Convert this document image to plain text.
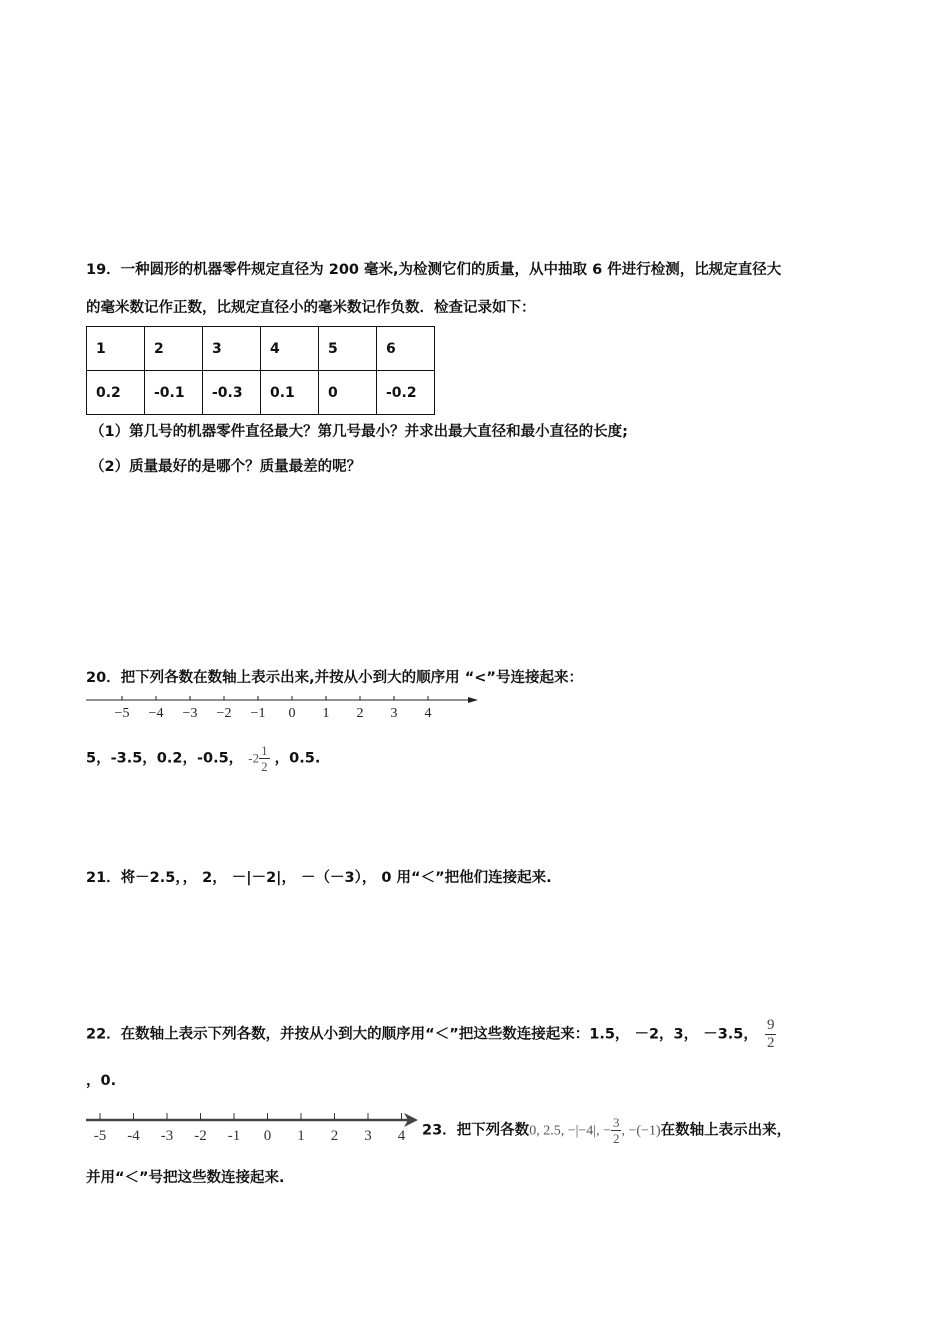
19．一种圆形的机器零件规定直径为 200 毫米,为检测它们的质量，从中抽取 6 件进行检测，比规定直径大
的毫米数记作正数，比规定直径小的毫米数记作负数．检查记录如下：
1	2	3	4	5	6
0.2	-0.1	-0.3	0.1	0	-0.2
（1）第几号的机器零件直径最大？第几号最小？并求出最大直径和最小直径的长度;
（2）质量最好的是哪个？质量最差的呢？
20．把下列各数在数轴上表示出来,并按从小到大的顺序用 “<”号连接起来：
−5 −4 −3 −2 −1 0 1 2 3 4
5，-3.5，0.2，-0.5， $-2 \frac{1}{2}$ ，0.5.
21．将－2.5，， 2， －|－2|， －（－3）， 0 用“＜”把他们连接起来.
22．在数轴上表示下列各数，并按从小到大的顺序用“＜”把这些数连接起来：1.5， －2，3， －3.5， $\frac{9}{2}$
，0.
-5 -4 -3 -2 -1 0 1 2 3 4 23．把下列各数0, 2.5, −|−4|, − $\frac{3}{2}$ , −(−1)在数轴上表示出来，
并用“＜”号把这些数连接起来.
